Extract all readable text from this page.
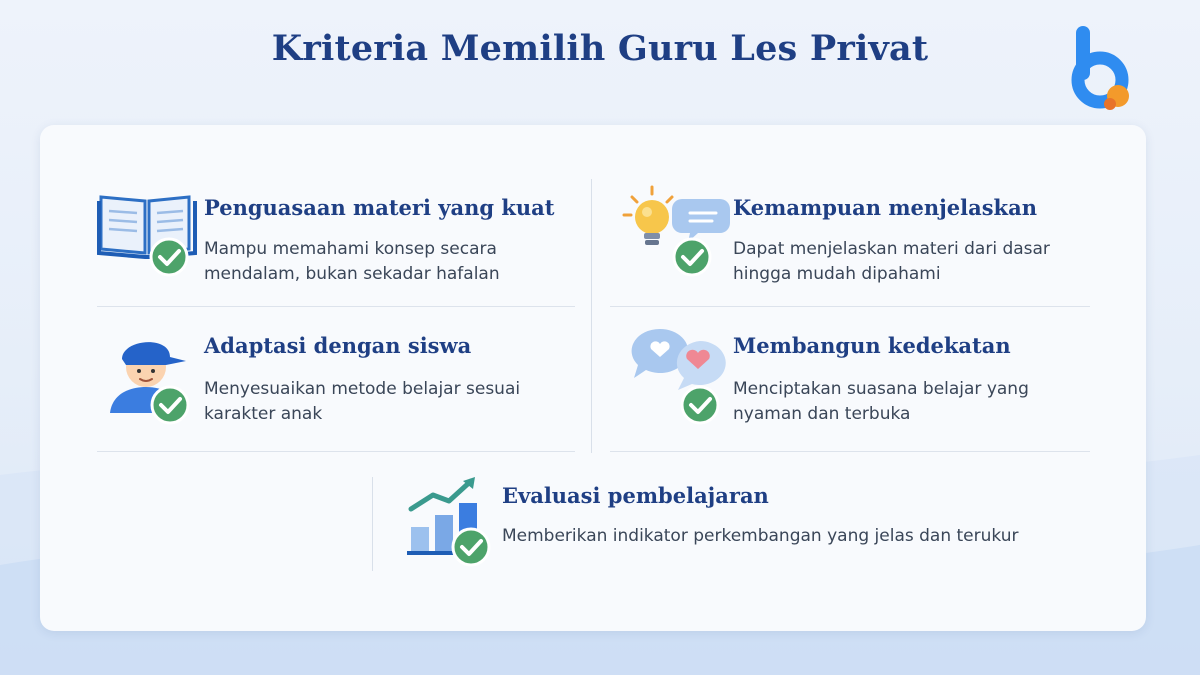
Kriteria Memilih Guru Les Privat
Penguasaan materi yang kuat

Mampu memahami konsep secara mendalam, bukan sekadar hafalan

Kemampuan menjelaskan

Dapat menjelaskan materi dari dasar hingga mudah dipahami

Adaptasi dengan siswa

Menyesuaikan metode belajar sesuai karakter anak

Membangun kedekatan

Menciptakan suasana belajar yang nyaman dan terbuka

Evaluasi pembelajaran

Memberikan indikator perkembangan yang jelas dan terukur
